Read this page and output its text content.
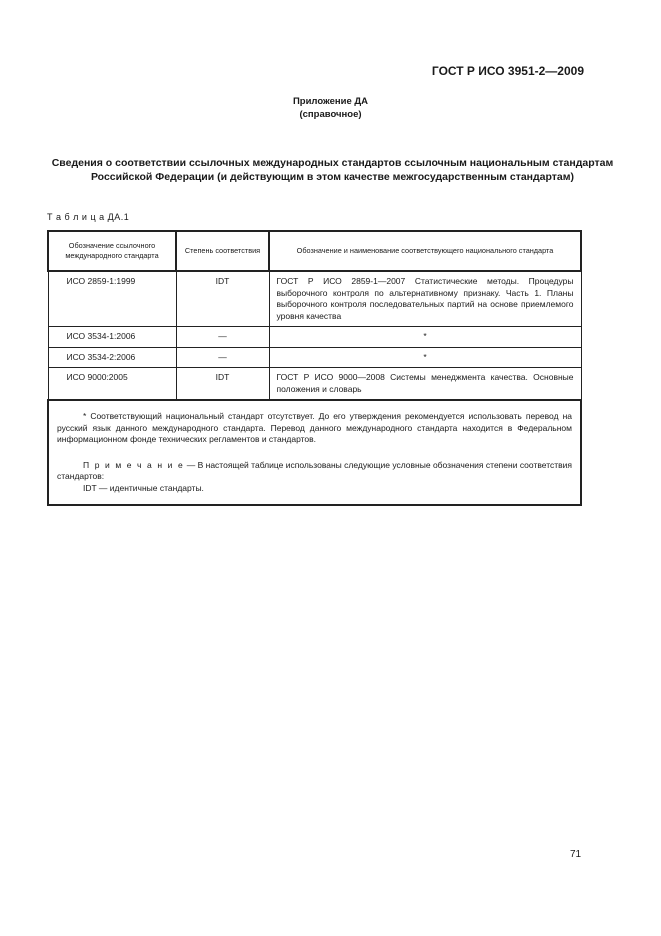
ГОСТ Р ИСО 3951-2—2009
Приложение ДА
(справочное)
Сведения о соответствии ссылочных международных стандартов ссылочным национальным стандартам Российской Федерации (и действующим в этом качестве межгосударственным стандартам)
Т а б л и ц а ДА.1
Обозначение ссылочного международного стандарта	Степень соответствия	Обозначение и наименование соответствующего национального стандарта
ИСО 2859-1:1999	IDT	ГОСТ Р ИСО 2859-1—2007 Статистические методы. Процедуры выборочного контроля по альтернативному признаку. Часть 1. Планы выборочного контроля последовательных партий на основе приемлемого уровня качества
ИСО 3534-1:2006	—	*
ИСО 3534-2:2006	—	*
ИСО 9000:2005	IDT	ГОСТ Р ИСО 9000—2008 Системы менеджмента качества. Основные положения и словарь

* Соответствующий национальный стандарт отсутствует. До его утверждения рекомендуется использовать перевод на русский язык данного международного стандарта. Перевод данного международного стандарта находится в Федеральном информационном фонде технических регламентов и стандартов.

П р и м е ч а н и е — В настоящей таблице использованы следующие условные обозначения степени соответствия стандартов:

IDT — идентичные стандарты.		

71
